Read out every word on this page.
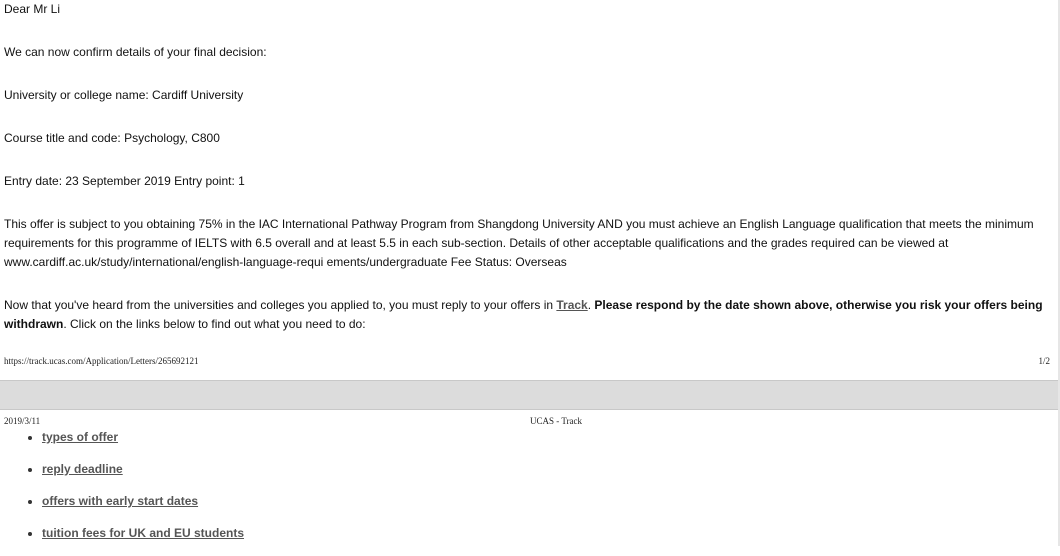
Dear Mr Li
We can now confirm details of your final decision:
University or college name: Cardiff University
Course title and code: Psychology, C800
Entry date: 23 September 2019 Entry point: 1
This offer is subject to you obtaining 75% in the IAC International Pathway Program from Shangdong University AND you must achieve an English Language qualification that meets the minimum requirements for this programme of IELTS with 6.5 overall and at least 5.5 in each sub-section. Details of other acceptable qualifications and the grades required can be viewed at www.cardiff.ac.uk/study/international/english-language-requi ements/undergraduate Fee Status: Overseas
Now that you've heard from the universities and colleges you applied to, you must reply to your offers in Track. Please respond by the date shown above, otherwise you risk your offers being withdrawn. Click on the links below to find out what you need to do:
https://track.ucas.com/Application/Letters/265692121	1/2
2019/3/11	UCAS - Track
• types of offer
• reply deadline
• offers with early start dates
• tuition fees for UK and EU students
